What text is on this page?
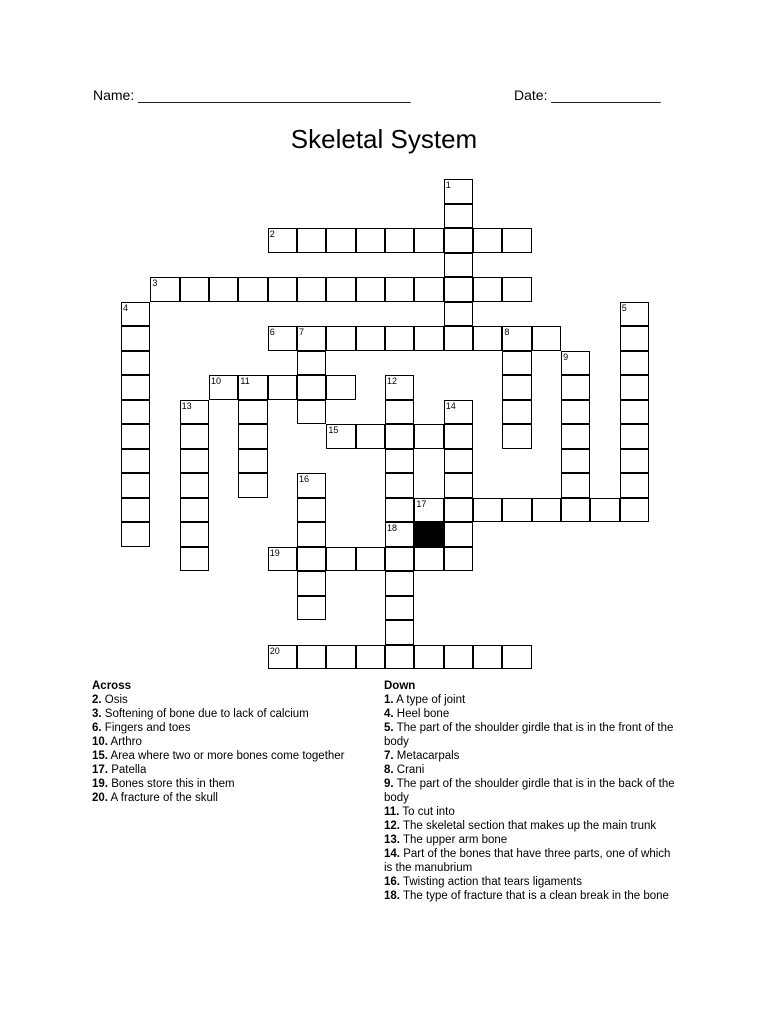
Name: ___________________________________	Date: ______________
Skeletal System
1
2
3
4	5
6	7	8
9
10 11	12
18
13	14
15
16
17
19
20
Across
2. Osis
3. Softening of bone due to lack of calcium
6. Fingers and toes
10. Arthro
15. Area where two or more bones come together
17. Patella
19. Bones store this in them
20. A fracture of the skull
Down
1. A type of joint
4. Heel bone
5. The part of the shoulder girdle that is in the front of the body
7. Metacarpals
8. Crani
9. The part of the shoulder girdle that is in the back of the body
11. To cut into
12. The skeletal section that makes up the main trunk
13. The upper arm bone
14. Part of the bones that have three parts, one of which is the manubrium
16. Twisting action that tears ligaments
18. The type of fracture that is a clean break in the bone
